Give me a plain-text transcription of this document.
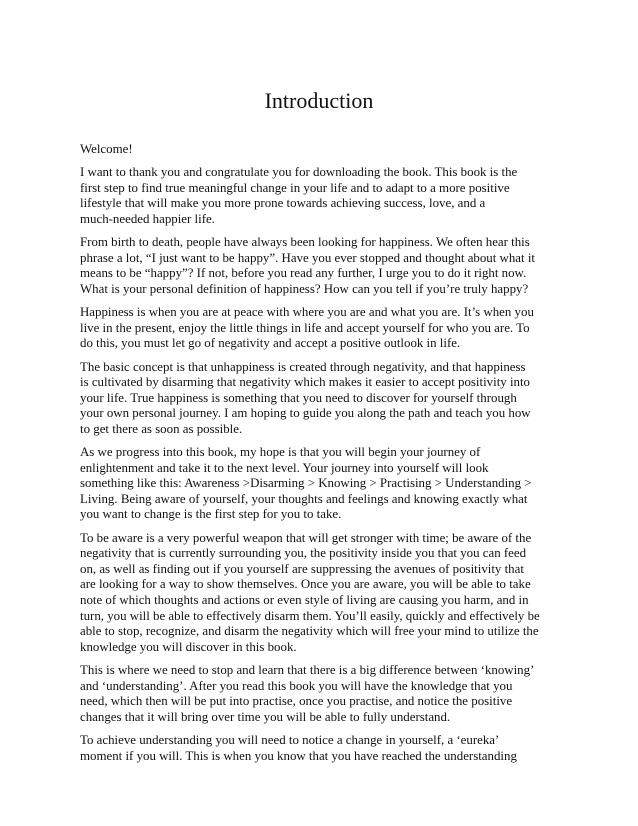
Introduction

Welcome!

I want to thank you and congratulate you for downloading the book. This book is the
first step to find true meaningful change in your life and to adapt to a more positive
lifestyle that will make you more prone towards achieving success, love, and a
much-needed happier life.

From birth to death, people have always been looking for happiness. We often hear this
phrase a lot, “I just want to be happy”. Have you ever stopped and thought about what it
means to be “happy”? If not, before you read any further, I urge you to do it right now.
What is your personal definition of happiness? How can you tell if you’re truly happy?

Happiness is when you are at peace with where you are and what you are. It’s when you
live in the present, enjoy the little things in life and accept yourself for who you are. To
do this, you must let go of negativity and accept a positive outlook in life.

The basic concept is that unhappiness is created through negativity, and that happiness
is cultivated by disarming that negativity which makes it easier to accept positivity into
your life. True happiness is something that you need to discover for yourself through
your own personal journey. I am hoping to guide you along the path and teach you how
to get there as soon as possible.

As we progress into this book, my hope is that you will begin your journey of
enlightenment and take it to the next level. Your journey into yourself will look
something like this: Awareness >Disarming > Knowing > Practising > Understanding >
Living. Being aware of yourself, your thoughts and feelings and knowing exactly what
you want to change is the first step for you to take.

To be aware is a very powerful weapon that will get stronger with time; be aware of the
negativity that is currently surrounding you, the positivity inside you that you can feed
on, as well as finding out if you yourself are suppressing the avenues of positivity that
are looking for a way to show themselves. Once you are aware, you will be able to take
note of which thoughts and actions or even style of living are causing you harm, and in
turn, you will be able to effectively disarm them. You’ll easily, quickly and effectively be
able to stop, recognize, and disarm the negativity which will free your mind to utilize the
knowledge you will discover in this book.

This is where we need to stop and learn that there is a big difference between ‘knowing’
and ‘understanding’. After you read this book you will have the knowledge that you
need, which then will be put into practise, once you practise, and notice the positive
changes that it will bring over time you will be able to fully understand.

To achieve understanding you will need to notice a change in yourself, a ‘eureka’
moment if you will. This is when you know that you have reached the understanding
